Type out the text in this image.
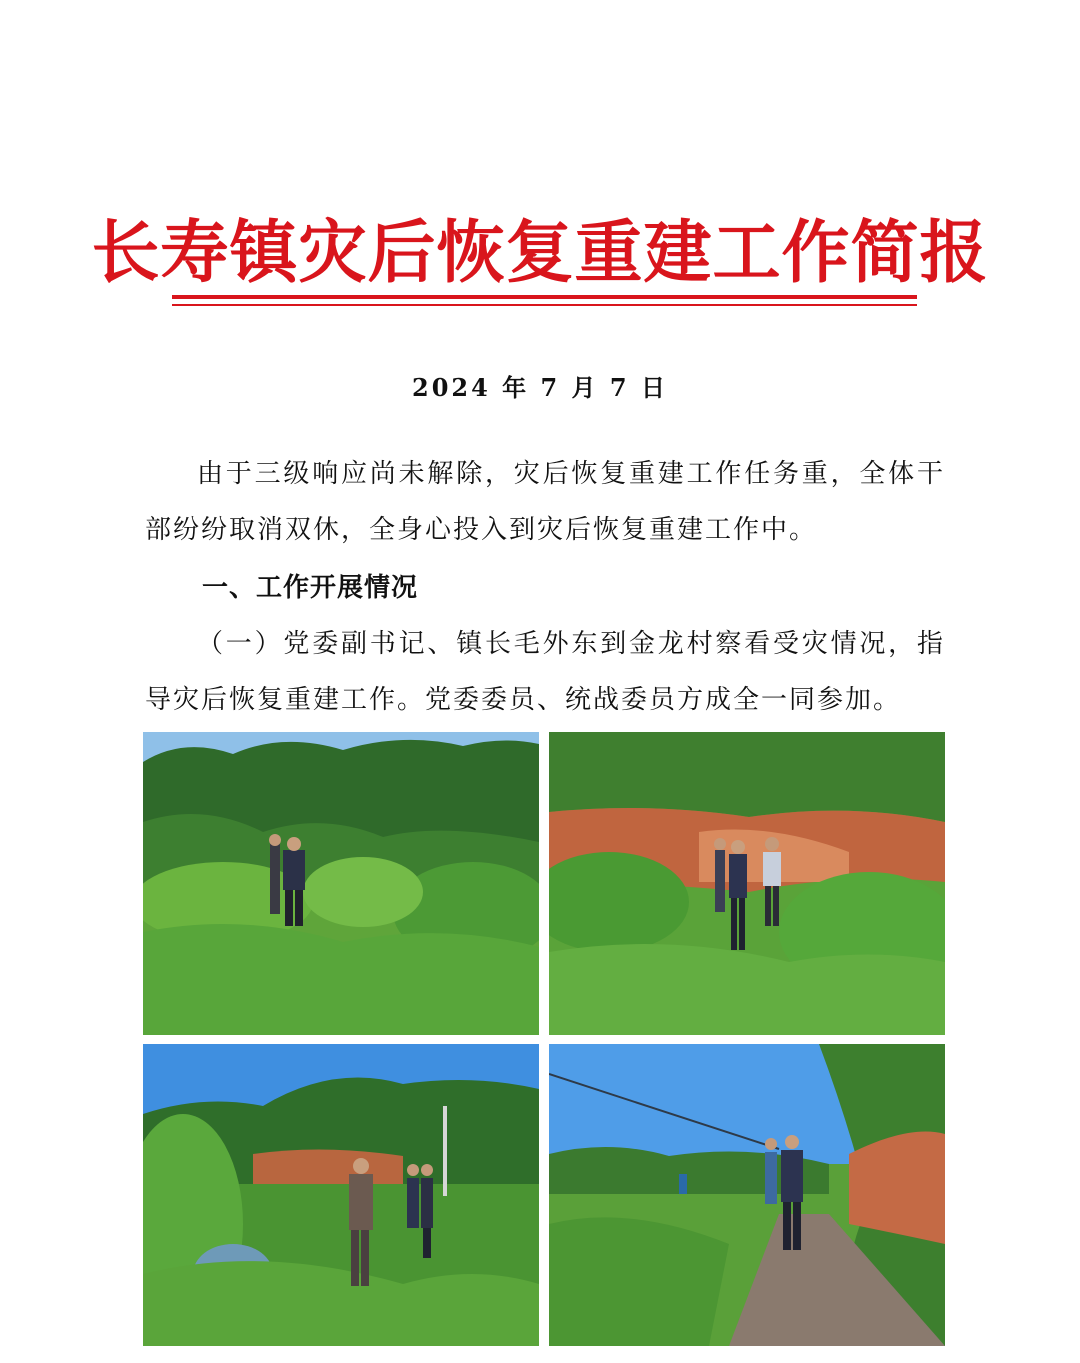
长寿镇灾后恢复重建工作简报
2024 年 7 月 7 日

由于三级响应尚未解除，灾后恢复重建工作任务重，全体干部纷纷取消双休，全身心投入到灾后恢复重建工作中。

一、工作开展情况

（一）党委副书记、镇长毛外东到金龙村察看受灾情况，指导灾后恢复重建工作。党委委员、统战委员方成全一同参加。
